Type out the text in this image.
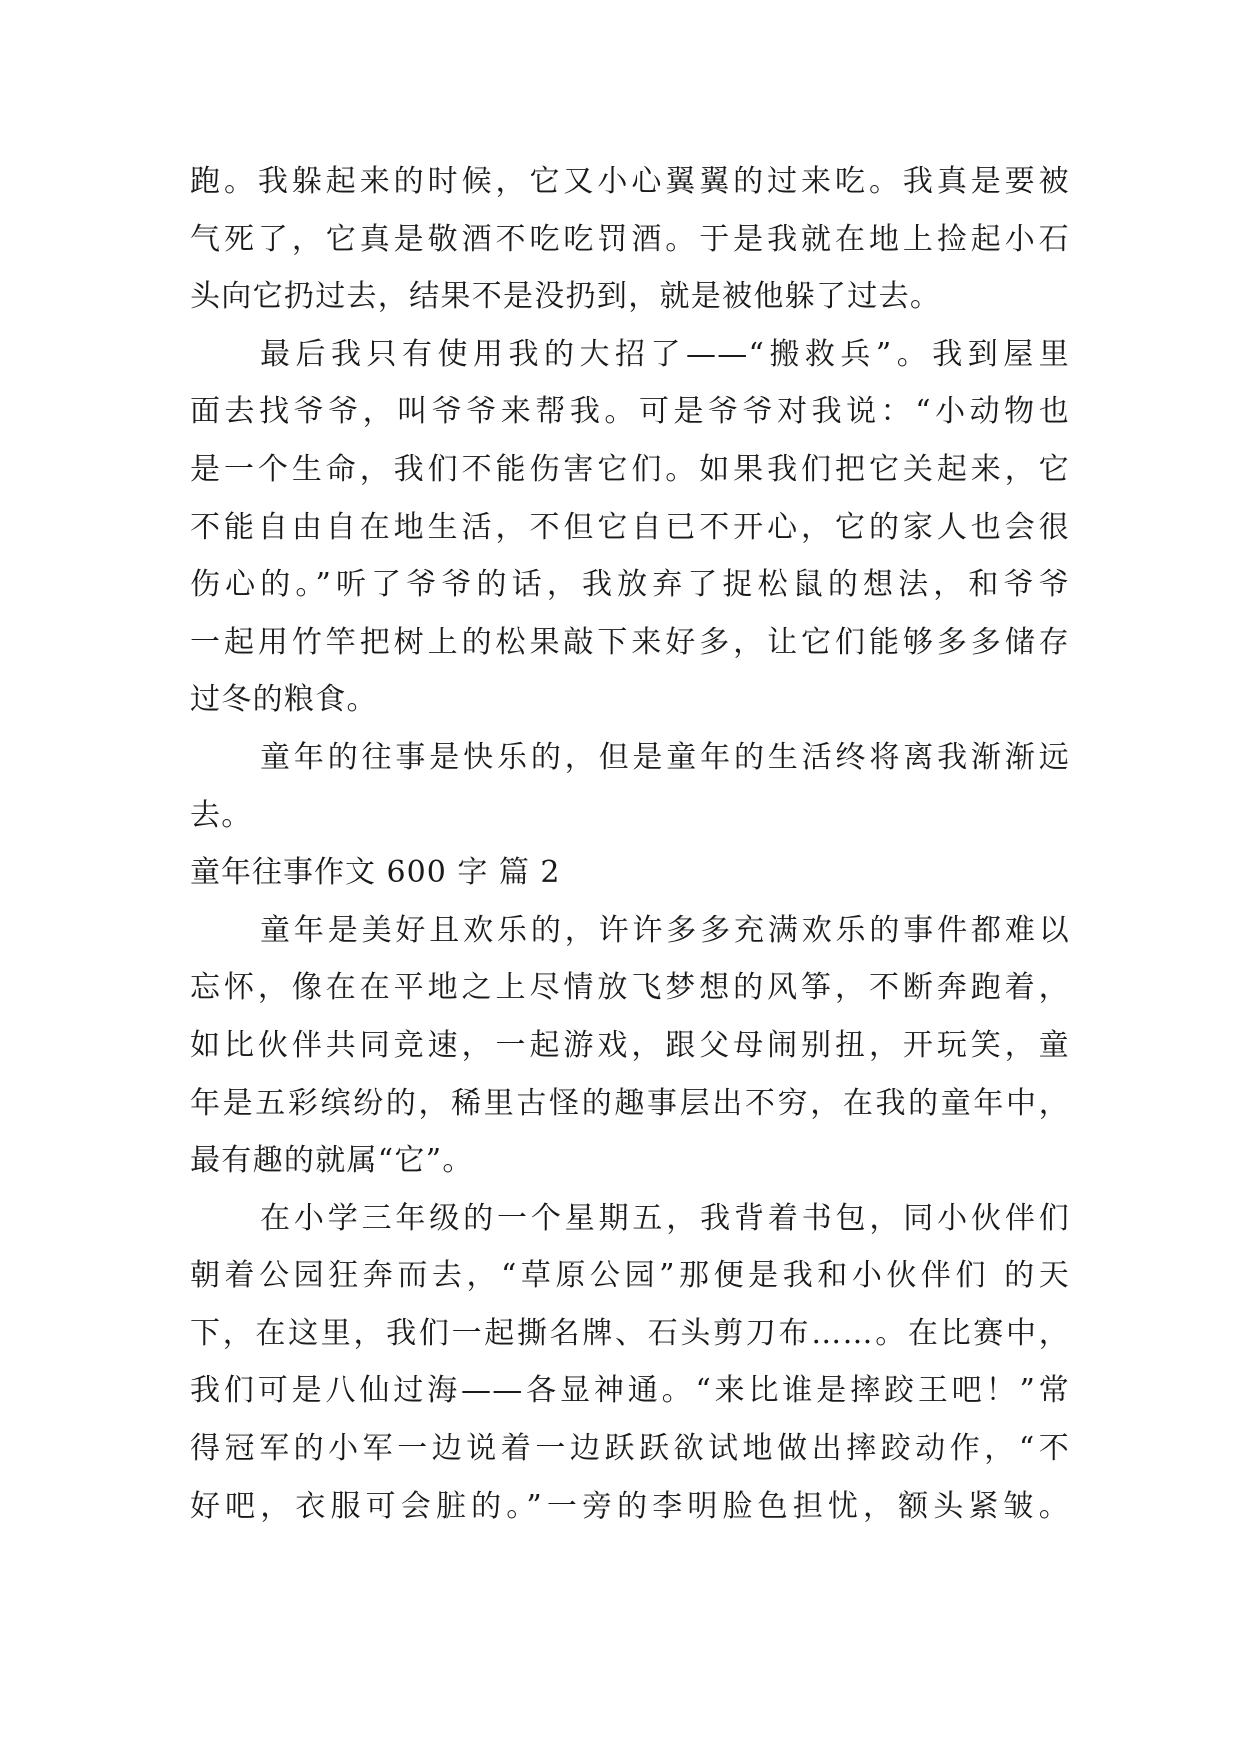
跑。我躲起来的时候，它又小心翼翼的过来吃。我真是要被
气死了，它真是敬酒不吃吃罚酒。于是我就在地上捡起小石
头向它扔过去，结果不是没扔到，就是被他躲了过去。
最后我只有使用我的大招了——“搬救兵”。我到屋里
面去找爷爷，叫爷爷来帮我。可是爷爷对我说：“小动物也
是一个生命，我们不能伤害它们。如果我们把它关起来，它
不能自由自在地生活，不但它自已不开心，它的家人也会很
伤心的。”听了爷爷的话，我放弃了捉松鼠的想法，和爷爷
一起用竹竿把树上的松果敲下来好多，让它们能够多多储存
过冬的粮食。
童年的往事是快乐的，但是童年的生活终将离我渐渐远
去。
童年往事作文 600 字 篇 2
童年是美好且欢乐的，许许多多充满欢乐的事件都难以
忘怀，像在在平地之上尽情放飞梦想的风筝，不断奔跑着，
如比伙伴共同竞速，一起游戏，跟父母闹别扭，开玩笑，童
年是五彩缤纷的，稀里古怪的趣事层出不穷，在我的童年中，
最有趣的就属“它”。
在小学三年级的一个星期五，我背着书包，同小伙伴们
朝着公园狂奔而去，“草原公园”那便是我和小伙伴们 的天
下，在这里，我们一起撕名牌、石头剪刀布……。在比赛中，
我们可是八仙过海——各显神通。“来比谁是摔跤王吧！”常
得冠军的小军一边说着一边跃跃欲试地做出摔跤动作，“不
好吧，衣服可会脏的。”一旁的李明脸色担忧，额头紧皱。
